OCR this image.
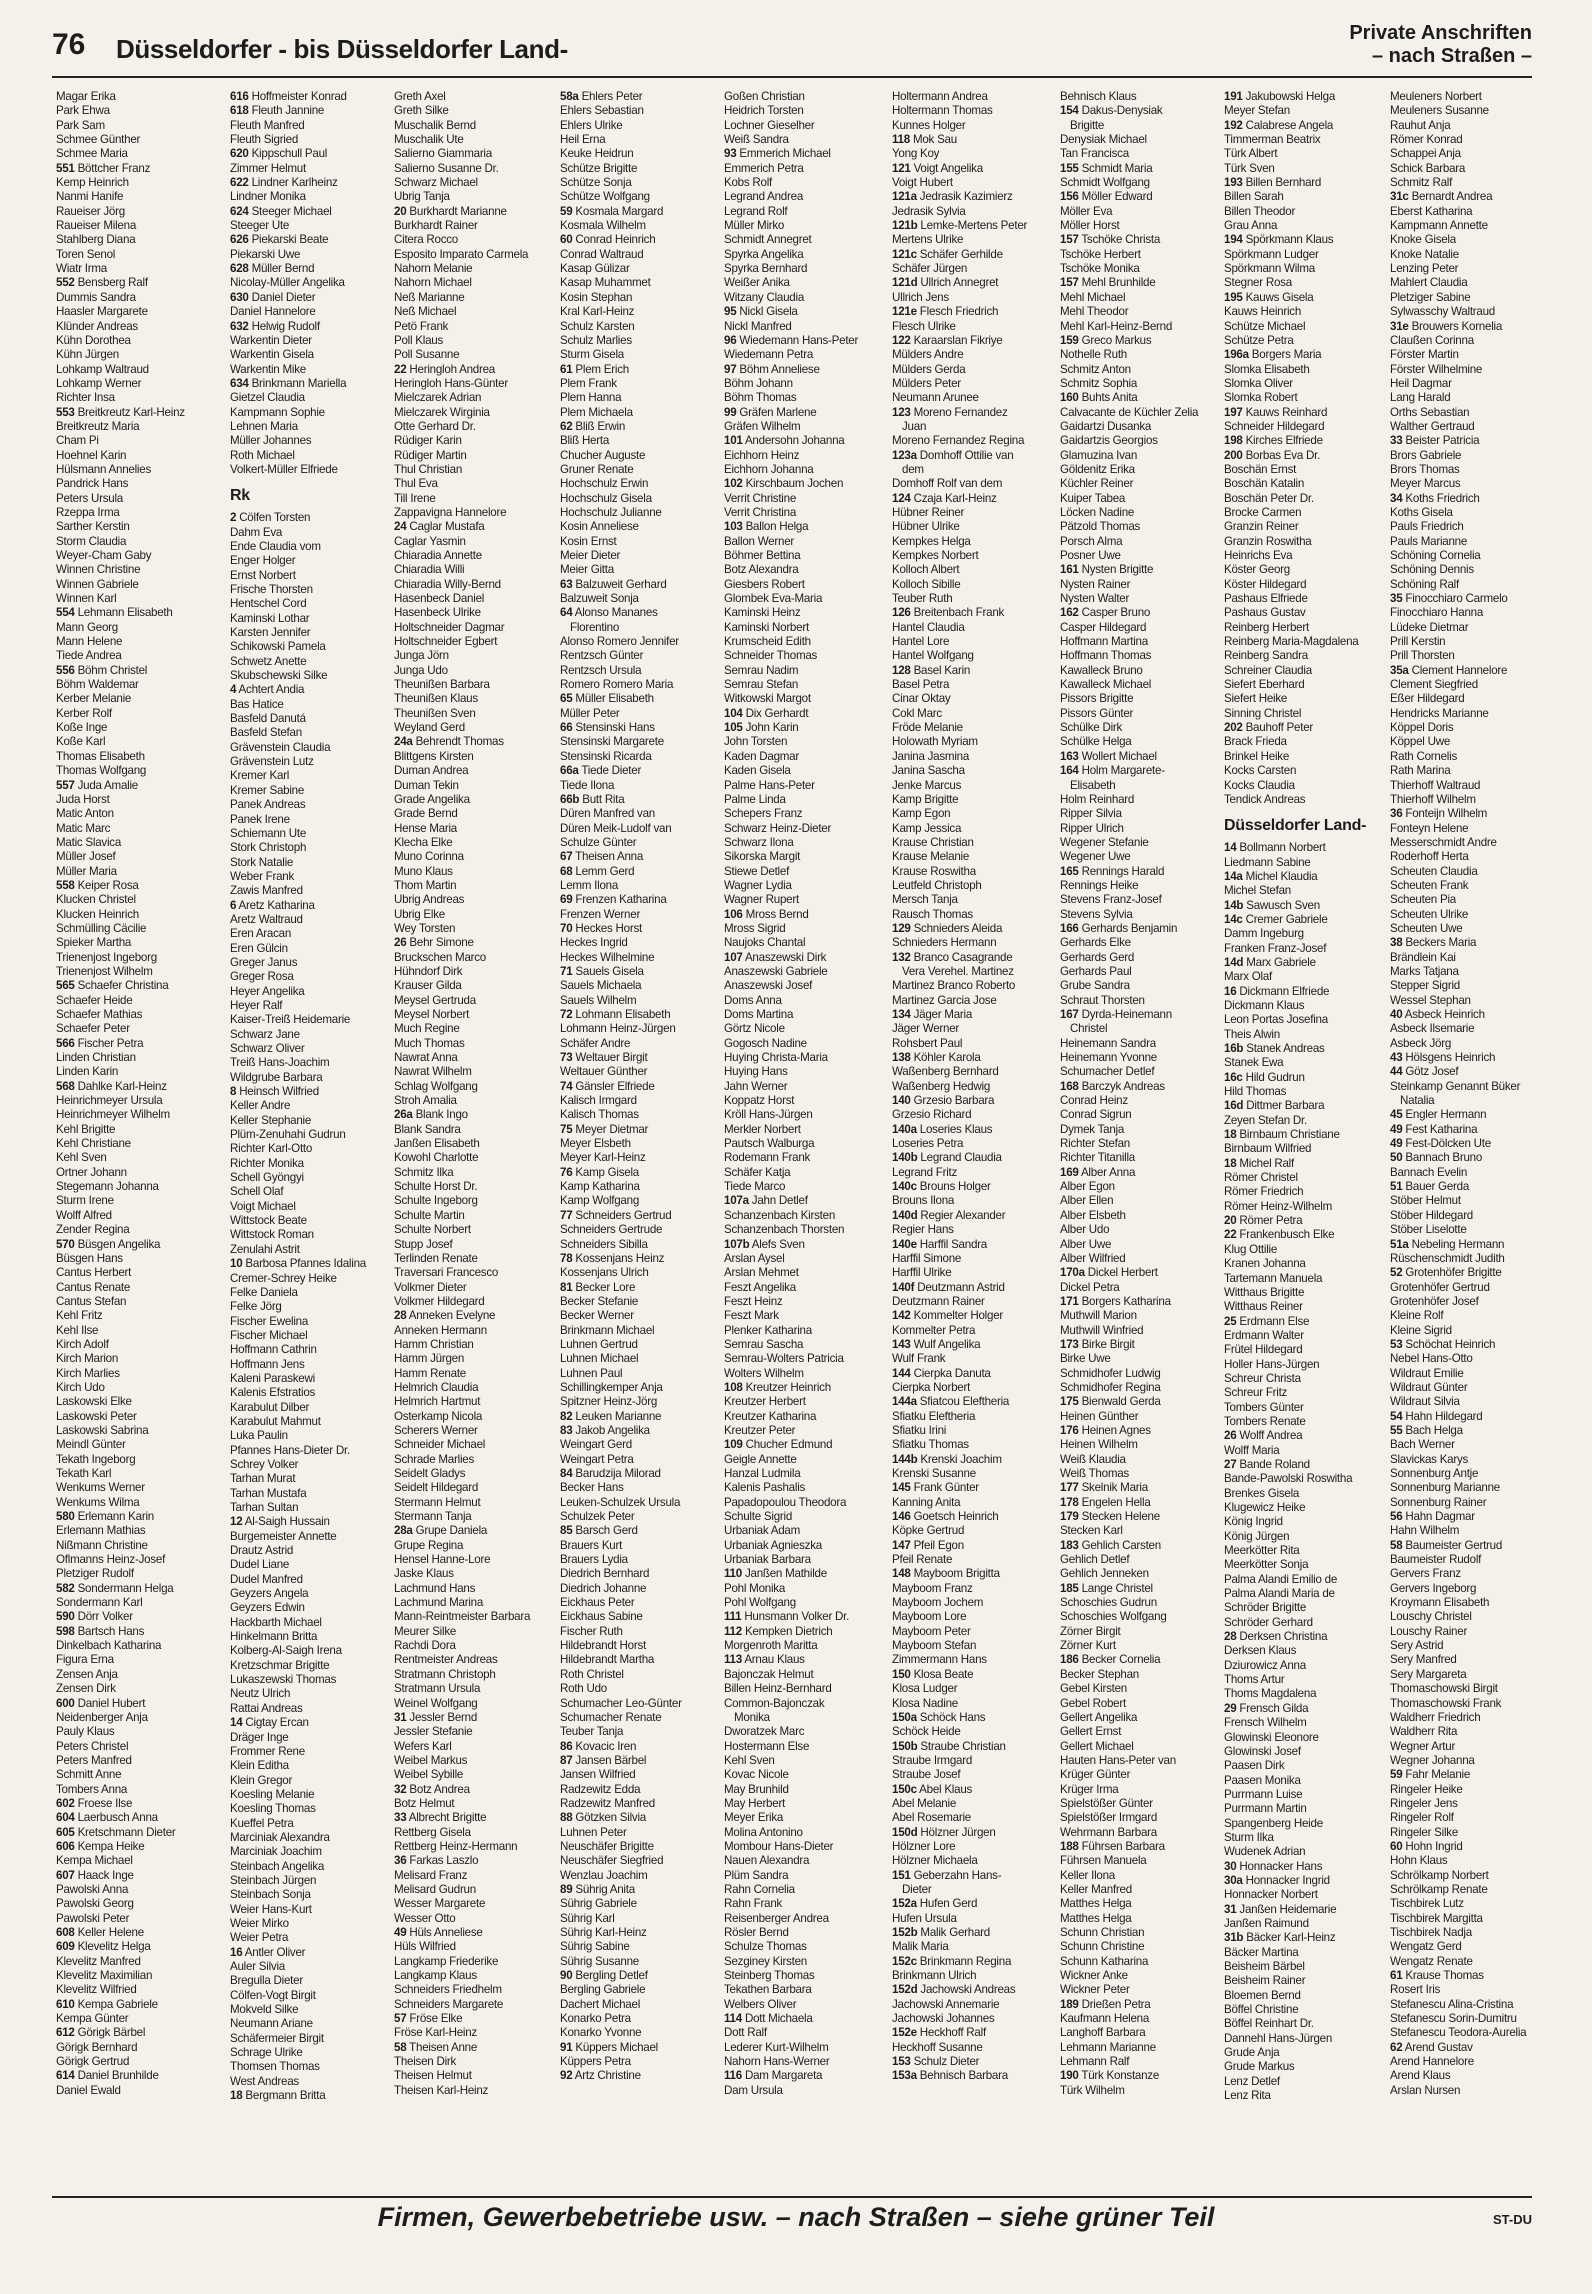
76 Düsseldorfer - bis Düsseldorfer Land-
Private Anschriften
– nach Straßen –
Magar Erika
Park Ehwa
Park Sam
Schmee Günther
Schmee Maria
551 Böttcher Franz
Kemp Heinrich
Nanmi Hanife
Raueiser Jörg
Raueiser Milena
Stahlberg Diana
Toren Senol
Wiatr Irma
552 Bensberg Ralf
Dummis Sandra
Haasler Margarete
Klünder Andreas
Kühn Dorothea
Kühn Jürgen
Lohkamp Waltraud
Lohkamp Werner
Richter Insa
553 Breitkreutz Karl-Heinz
Breitkreutz Maria
Cham Pi
Hoehnel Karin
Hülsmann Annelies
Pandrick Hans
Peters Ursula
Rzeppa Irma
Sarther Kerstin
Storm Claudia
Weyer-Cham Gaby
Winnen Christine
Winnen Gabriele
Winnen Karl
554 Lehmann Elisabeth
Mann Georg
Mann Helene
Tiede Andrea
556 Böhm Christel
Böhm Waldemar
Kerber Melanie
Kerber Rolf
Koße Inge
Koße Karl
Thomas Elisabeth
Thomas Wolfgang
557 Juda Amalie
Juda Horst
Matic Anton
Matic Marc
Matic Slavica
Müller Josef
Müller Maria
558 Keiper Rosa
Klucken Christel
Klucken Heinrich
Schmülling Cäcilie
Spieker Martha
Trienenjost Ingeborg
Trienenjost Wilhelm
565 Schaefer Christina
Schaefer Heide
Schaefer Mathias
Schaefer Peter
566 Fischer Petra
Linden Christian
Linden Karin
568 Dahlke Karl-Heinz
Heinrichmeyer Ursula
Heinrichmeyer Wilhelm
Kehl Brigitte
Kehl Christiane
Kehl Sven
Ortner Johann
Stegemann Johanna
Sturm Irene
Wolff Alfred
Zender Regina
570 Büsgen Angelika
Büsgen Hans
Cantus Herbert
Cantus Renate
Cantus Stefan
Kehl Fritz
Kehl Ilse
Kirch Adolf
Kirch Marion
Kirch Marlies
Kirch Udo
Laskowski Elke
Laskowski Peter
Laskowski Sabrina
Meindl Günter
Tekath Ingeborg
Tekath Karl
Wenkums Werner
Wenkums Wilma
580 Erlemann Karin
Erlemann Mathias
Nißmann Christine
Oflmanns Heinz-Josef
Pletziger Rudolf
582 Sondermann Helga
Sondermann Karl
590 Dörr Volker
598 Bartsch Hans
Dinkelbach Katharina
Figura Erna
Zensen Anja
Zensen Dirk
600 Daniel Hubert
Neidenberger Anja
Pauly Klaus
Peters Christel
Peters Manfred
Schmitt Anne
Tombers Anna
602 Froese Ilse
604 Laerbusch Anna
605 Kretschmann Dieter
606 Kempa Heike
Kempa Michael
607 Haack Inge
Pawolski Anna
Pawolski Georg
Pawolski Peter
608 Keller Helene
609 Klevelitz Helga
Klevelitz Manfred
Klevelitz Maximilian
Klevelitz Wilfried
610 Kempa Gabriele
Kempa Günter
612 Görigk Bärbel
Görigk Bernhard
Görigk Gertrud
614 Daniel Brunhilde
Daniel Ewald
616 Hoffmeister Konrad
618 Fleuth Jannine
Fleuth Manfred
Fleuth Sigried
620 Kippschull Paul
Zimmer Helmut
622 Lindner Karlheinz
Lindner Monika
624 Steeger Michael
Steeger Ute
626 Piekarski Beate
Piekarski Uwe
628 Müller Bernd
Nicolay-Müller Angelika
630 Daniel Dieter
Daniel Hannelore
632 Helwig Rudolf
Warkentin Dieter
Warkentin Gisela
Warkentin Mike
634 Brinkmann Mariella
Gietzel Claudia
Kampmann Sophie
Lehnen Maria
Müller Johannes
Roth Michael
Volkert-Müller Elfriede
Rk
2 Cölfen Torsten
Dahm Eva
Ende Claudia vom
Enger Holger
Ernst Norbert
Frische Thorsten
Hentschel Cord
Kaminski Lothar
Karsten Jennifer
Schikowski Pamela
Schwetz Anette
Skubschewski Silke
4 Achtert Andia
Bas Hatice
Basfeld Danutá
Basfeld Stefan
Grävenstein Claudia
Grävenstein Lutz
Kremer Karl
Kremer Sabine
Panek Andreas
Panek Irene
Schiemann Ute
Stork Christoph
Stork Natalie
Weber Frank
Zawis Manfred
6 Aretz Katharina
Aretz Waltraud
Eren Aracan
Eren Gülcin
Greger Janus
Greger Rosa
Heyer Angelika
Heyer Ralf
Kaiser-Treiß Heidemarie
Schwarz Jane
Schwarz Oliver
Treiß Hans-Joachim
Wildgrube Barbara
8 Heinsch Wilfried
Keller Andre
Keller Stephanie
Plüm-Zenuhahi Gudrun
Richter Karl-Otto
Richter Monika
Schell Gyöngyi
Schell Olaf
Voigt Michael
Wittstock Beate
Wittstock Roman
Zenulahi Astrit
10 Barbosa Pfannes Idalina
Cremer-Schrey Heike
Felke Daniela
Felke Jörg
Fischer Ewelina
Fischer Michael
Hoffmann Cathrin
Hoffmann Jens
Kaleni Paraskewi
Kalenis Efstratios
Karabulut Dilber
Karabulut Mahmut
Luka Paulin
Pfannes Hans-Dieter Dr.
Schrey Volker
Tarhan Murat
Tarhan Mustafa
Tarhan Sultan
12 Al-Saigh Hussain
Burgemeister Annette
Drautz Astrid
Dudel Liane
Dudel Manfred
Geyzers Angela
Geyzers Edwin
Hackbarth Michael
Hinkelmann Britta
Kolberg-Al-Saigh Irena
Kretzschmar Brigitte
Lukaszewski Thomas
Neutz Ulrich
Rattai Andreas
14 Cigtay Ercan
Dräger Inge
Frommer Rene
Klein Editha
Klein Gregor
Koesling Melanie
Koesling Thomas
Kueffel Petra
Marciniak Alexandra
Marciniak Joachim
Steinbach Angelika
Steinbach Jürgen
Steinbach Sonja
Weier Hans-Kurt
Weier Mirko
Weier Petra
16 Antler Oliver
Auler Silvia
Bregulla Dieter
Cölfen-Vogt Birgit
Mokveld Silke
Neumann Ariane
Schäfermeier Birgit
Schrage Ulrike
Thomsen Thomas
West Andreas
18 Bergmann Britta
Greth Axel
Greth Silke
Muschalik Bernd
Muschalik Ute
Salierno Giammaria
Salierno Susanne Dr.
Schwarz Michael
Ubrig Tanja
20 Burkhardt Marianne
Burkhardt Rainer
Citera Rocco
Esposito Imparato Carmela
Nahorn Melanie
Nahorn Michael
Neß Marianne
Neß Michael
Petö Frank
Poll Klaus
Poll Susanne
22 Heringloh Andrea
Heringloh Hans-Günter
Mielczarek Adrian
Mielczarek Wirginia
Otte Gerhard Dr.
Rüdiger Karin
Rüdiger Martin
Thul Christian
Thul Eva
Till Irene
Zappavigna Hannelore
24 Caglar Mustafa
Caglar Yasmin
Chiaradia Annette
Chiaradia Willi
Chiaradia Willy-Bernd
Hasenbeck Daniel
Hasenbeck Ulrike
Holtschneider Dagmar
Holtschneider Egbert
Junga Jörn
Junga Udo
Theunißen Barbara
Theunißen Klaus
Theunißen Sven
Weyland Gerd
24a Behrendt Thomas
Blittgens Kirsten
Duman Andrea
Duman Tekin
Grade Angelika
Grade Bernd
Hense Maria
Klecha Elke
Muno Corinna
Muno Klaus
Thom Martin
Ubrig Andreas
Ubrig Elke
Wey Torsten
26 Behr Simone
Bruckschen Marco
Hühndorf Dirk
Krauser Gilda
Meysel Gertruda
Meysel Norbert
Much Regine
Much Thomas
Nawrat Anna
Nawrat Wilhelm
Schlag Wolfgang
Stroh Amalia
26a Blank Ingo
Blank Sandra
Janßen Elisabeth
Kowohl Charlotte
Schmitz Ilka
Schulte Horst Dr.
Schulte Ingeborg
Schulte Martin
Schulte Norbert
Stupp Josef
Terlinden Renate
Traversari Francesco
Volkmer Dieter
Volkmer Hildegard
28 Anneken Evelyne
Anneken Hermann
Hamm Christian
Hamm Jürgen
Hamm Renate
Helmrich Claudia
Helmrich Hartmut
Osterkamp Nicola
Scherers Werner
Schneider Michael
Schrade Marlies
Seidelt Gladys
Seidelt Hildegard
Stermann Helmut
Stermann Tanja
28a Grupe Daniela
Grupe Regina
Hensel Hanne-Lore
Jaske Klaus
Lachmund Hans
Lachmund Marina
Mann-Reintmeister Barbara
Meurer Silke
Rachdi Dora
Rentmeister Andreas
Stratmann Christoph
Stratmann Ursula
Weinel Wolfgang
31 Jessler Bernd
Jessler Stefanie
Wefers Karl
Weibel Markus
Weibel Sybille
32 Botz Andrea
Botz Helmut
33 Albrecht Brigitte
Rettberg Gisela
Rettberg Heinz-Hermann
36 Farkas Laszlo
Melisard Franz
Melisard Gudrun
Wesser Margarete
Wesser Otto
49 Hüls Anneliese
Hüls Wilfried
Langkamp Friederike
Langkamp Klaus
Schneiders Friedhelm
Schneiders Margarete
57 Fröse Elke
Fröse Karl-Heinz
58 Theisen Anne
Theisen Dirk
Theisen Helmut
Theisen Karl-Heinz
58a Ehlers Peter
Ehlers Sebastian
Ehlers Ulrike
Heil Erna
Keuke Heidrun
Schütze Brigitte
Schütze Sonja
Schütze Wolfgang
59 Kosmala Margard
Kosmala Wilhelm
60 Conrad Heinrich
Conrad Waltraud
Kasap Gülizar
Kasap Muhammet
Kosin Stephan
Kral Karl-Heinz
Schulz Karsten
Schulz Marlies
Sturm Gisela
61 Plem Erich
Plem Frank
Plem Hanna
Plem Michaela
62 Bliß Erwin
Bliß Herta
Chucher Auguste
Gruner Renate
Hochschulz Erwin
Hochschulz Gisela
Hochschulz Julianne
Kosin Anneliese
Kosin Ernst
Meier Dieter
Meier Gitta
63 Balzuweit Gerhard
Balzuweit Sonja
64 Alonso Mananes
Florentino
Alonso Romero Jennifer
Rentzsch Günter
Rentzsch Ursula
Romero Romero Maria
65 Müller Elisabeth
Müller Peter
66 Stensinski Hans
Stensinski Margarete
Stensinski Ricarda
66a Tiede Dieter
Tiede Ilona
66b Butt Rita
Düren Manfred van
Düren Meik-Ludolf van
Schulze Günter
67 Theisen Anna
68 Lemm Gerd
Lemm Ilona
69 Frenzen Katharina
Frenzen Werner
70 Heckes Horst
Heckes Ingrid
Heckes Wilhelmine
71 Sauels Gisela
Sauels Michaela
Sauels Wilhelm
72 Lohmann Elisabeth
Lohmann Heinz-Jürgen
Schäfer Andre
73 Weltauer Birgit
Weltauer Günther
74 Gänsler Elfriede
Kalisch Irmgard
Kalisch Thomas
75 Meyer Dietmar
Meyer Elsbeth
Meyer Karl-Heinz
76 Kamp Gisela
Kamp Katharina
Kamp Wolfgang
77 Schneiders Gertrud
Schneiders Gertrude
Schneiders Sibilla
78 Kossenjans Heinz
Kossenjans Ulrich
81 Becker Lore
Becker Stefanie
Becker Werner
Brinkmann Michael
Luhnen Gertrud
Luhnen Michael
Luhnen Paul
Schillingkemper Anja
Spitzner Heinz-Jörg
82 Leuken Marianne
83 Jakob Angelika
Weingart Gerd
Weingart Petra
84 Barudzija Milorad
Becker Hans
Leuken-Schulzek Ursula
Schulzek Peter
85 Barsch Gerd
Brauers Kurt
Brauers Lydia
Diedrich Bernhard
Diedrich Johanne
Eickhaus Peter
Eickhaus Sabine
Fischer Ruth
Hildebrandt Horst
Hildebrandt Martha
Roth Christel
Roth Udo
Schumacher Leo-Günter
Schumacher Renate
Teuber Tanja
86 Kovacic Iren
87 Jansen Bärbel
Jansen Wilfried
Radzewitz Edda
Radzewitz Manfred
88 Götzken Silvia
Luhnen Peter
Neuschäfer Brigitte
Neuschäfer Siegfried
Wenzlau Joachim
89 Sührig Anita
Sührig Gabriele
Sührig Karl
Sührig Karl-Heinz
Sührig Sabine
Sührig Susanne
90 Bergling Detlef
Bergling Gabriele
Dachert Michael
Konarko Petra
Konarko Yvonne
91 Küppers Michael
Küppers Petra
92 Artz Christine
Goßen Christian
Heidrich Torsten
Lochner Gieselher
Weiß Sandra
93 Emmerich Michael
Emmerich Petra
Kobs Rolf
Legrand Andrea
Legrand Rolf
Müller Mirko
Schmidt Annegret
Spyrka Angelika
Spyrka Bernhard
Weißer Anika
Witzany Claudia
95 Nickl Gisela
Nickl Manfred
96 Wiedemann Hans-Peter
Wiedemann Petra
97 Böhm Anneliese
Böhm Johann
Böhm Thomas
99 Gräfen Marlene
Gräfen Wilhelm
101 Andersohn Johanna
Eichhorn Heinz
Eichhorn Johanna
102 Kirschbaum Jochen
Verrit Christine
Verrit Christina
103 Ballon Helga
Ballon Werner
Böhmer Bettina
Botz Alexandra
Giesbers Robert
Glombek Eva-Maria
Kaminski Heinz
Kaminski Norbert
Krumscheid Edith
Schneider Thomas
Semrau Nadim
Semrau Stefan
Witkowski Margot
104 Dix Gerhardt
105 John Karin
John Torsten
Kaden Dagmar
Kaden Gisela
Palme Hans-Peter
Palme Linda
Schepers Franz
Schwarz Heinz-Dieter
Schwarz Ilona
Sikorska Margit
Stiewe Detlef
Wagner Lydia
Wagner Rupert
106 Mross Bernd
Mross Sigrid
Naujoks Chantal
107 Anaszewski Dirk
Anaszewski Gabriele
Anaszewski Josef
Doms Anna
Doms Martina
Görtz Nicole
Gogosch Nadine
Huying Christa-Maria
Huying Hans
Jahn Werner
Koppatz Horst
Kröll Hans-Jürgen
Merkler Norbert
Pautsch Walburga
Rodemann Frank
Schäfer Katja
Tiede Marco
107a Jahn Detlef
Schanzenbach Kirsten
Schanzenbach Thorsten
107b Alefs Sven
Arslan Aysel
Arslan Mehmet
Feszt Angelika
Feszt Heinz
Feszt Mark
Plenker Katharina
Semrau Sascha
Semrau-Wolters Patricia
Wolters Wilhelm
108 Kreutzer Heinrich
Kreutzer Herbert
Kreutzer Katharina
Kreutzer Peter
109 Chucher Edmund
Geigle Annette
Hanzal Ludmila
Kalenis Pashalis
Papadopoulou Theodora
Schulte Sigrid
Urbaniak Adam
Urbaniak Agnieszka
Urbaniak Barbara
110 Janßen Mathilde
Pohl Monika
Pohl Wolfgang
111 Hunsmann Volker Dr.
112 Kempken Dietrich
Morgenroth Maritta
113 Arnau Klaus
Bajonczak Helmut
Billen Heinz-Bernhard
Common-Bajonczak
Monika
Dworatzek Marc
Hostermann Else
Kehl Sven
Kovac Nicole
May Brunhild
May Herbert
Meyer Erika
Molina Antonino
Mombour Hans-Dieter
Nauen Alexandra
Plüm Sandra
Rahn Cornelia
Rahn Frank
Reisenberger Andrea
Rösler Bernd
Schulze Thomas
Sezginey Kirsten
Steinberg Thomas
Tekathen Barbara
Welbers Oliver
114 Dott Michaela
Dott Ralf
Lederer Kurt-Wilhelm
Nahorn Hans-Werner
116 Dam Margareta
Dam Ursula
Holtermann Andrea
Holtermann Thomas
Kunnes Holger
118 Mok Sau
Yong Koy
121 Voigt Angelika
Voigt Hubert
121a Jedrasik Kazimierz
Jedrasik Sylvia
121b Lemke-Mertens Peter
Mertens Ulrike
121c Schäfer Gerhilde
Schäfer Jürgen
121d Ullrich Annegret
Ullrich Jens
121e Flesch Friedrich
Flesch Ulrike
122 Karaarslan Fikriye
Mülders Andre
Mülders Gerda
Mülders Peter
Neumann Arunee
123 Moreno Fernandez
Juan
Moreno Fernandez Regina
123a Domhoff Ottilie van
dem
Domhoff Rolf van dem
124 Czaja Karl-Heinz
Hübner Reiner
Hübner Ulrike
Kempkes Helga
Kempkes Norbert
Kolloch Albert
Kolloch Sibille
Teuber Ruth
126 Breitenbach Frank
Hantel Claudia
Hantel Lore
Hantel Wolfgang
128 Basel Karin
Basel Petra
Cinar Oktay
Cokl Marc
Fröde Melanie
Holowath Myriam
Janina Jasmina
Janina Sascha
Jenke Marcus
Kamp Brigitte
Kamp Egon
Kamp Jessica
Krause Christian
Krause Melanie
Krause Roswitha
Leutfeld Christoph
Mersch Tanja
Rausch Thomas
129 Schnieders Aleida
Schnieders Hermann
132 Branco Casagrande
Vera Verehel. Martinez
Martinez Branco Roberto
Martinez Garcia Jose
134 Jäger Maria
Jäger Werner
Rohsbert Paul
138 Köhler Karola
Waßenberg Bernhard
Waßenberg Hedwig
140 Grzesio Barbara
Grzesio Richard
140a Loseries Klaus
Loseries Petra
140b Legrand Claudia
Legrand Fritz
140c Brouns Holger
Brouns Ilona
140d Regier Alexander
Regier Hans
140e Harffil Sandra
Harffil Simone
Harffil Ulrike
140f Deutzmann Astrid
Deutzmann Rainer
142 Kommelter Holger
Kommelter Petra
143 Wulf Angelika
Wulf Frank
144 Cierpka Danuta
Cierpka Norbert
144a Sfiatcou Eleftheria
Sfiatku Eleftheria
Sfiatku Irini
Sfiatku Thomas
144b Krenski Joachim
Krenski Susanne
145 Frank Günter
Kanning Anita
146 Goetsch Heinrich
Köpke Gertrud
147 Pfeil Egon
Pfeil Renate
148 Mayboom Brigitta
Mayboom Franz
Mayboom Jochem
Mayboom Lore
Mayboom Peter
Mayboom Stefan
Zimmermann Hans
150 Klosa Beate
Klosa Ludger
Klosa Nadine
150a Schöck Hans
Schöck Heide
150b Straube Christian
Straube Irmgard
Straube Josef
150c Abel Klaus
Abel Melanie
Abel Rosemarie
150d Hölzner Jürgen
Hölzner Lore
Hölzner Michaela
151 Geberzahn Hans-
Dieter
152a Hufen Gerd
Hufen Ursula
152b Malik Gerhard
Malik Maria
152c Brinkmann Regina
Brinkmann Ulrich
152d Jachowski Andreas
Jachowski Annemarie
Jachowski Johannes
152e Heckhoff Ralf
Heckhoff Susanne
153 Schulz Dieter
153a Behnisch Barbara
Behnisch Klaus
154 Dakus-Denysiak
Brigitte
Denysiak Michael
Tan Francisca
155 Schmidt Maria
Schmidt Wolfgang
156 Möller Edward
Möller Eva
Möller Horst
157 Tschöke Christa
Tschöke Herbert
Tschöke Monika
157 Mehl Brunhilde
Mehl Michael
Mehl Theodor
Mehl Karl-Heinz-Bernd
159 Greco Markus
Nothelle Ruth
Schmitz Anton
Schmitz Sophia
160 Buhts Anita
Calvacante de Küchler Zelia
Gaidartzi Dusanka
Gaidartzis Georgios
Glamuzina Ivan
Göldenitz Erika
Küchler Reiner
Kuiper Tabea
Löcken Nadine
Pätzold Thomas
Porsch Alma
Posner Uwe
161 Nysten Brigitte
Nysten Rainer
Nysten Walter
162 Casper Bruno
Casper Hildegard
Hoffmann Martina
Hoffmann Thomas
Kawalleck Bruno
Kawalleck Michael
Pissors Brigitte
Pissors Günter
Schülke Dirk
Schülke Helga
163 Wollert Michael
164 Holm Margarete-
Elisabeth
Holm Reinhard
Ripper Silvia
Ripper Ulrich
Wegener Stefanie
Wegener Uwe
165 Rennings Harald
Rennings Heike
Stevens Franz-Josef
Stevens Sylvia
166 Gerhards Benjamin
Gerhards Elke
Gerhards Gerd
Gerhards Paul
Grube Sandra
Schraut Thorsten
167 Dyrda-Heinemann
Christel
Heinemann Sandra
Heinemann Yvonne
Schumacher Detlef
168 Barczyk Andreas
Conrad Heinz
Conrad Sigrun
Dymek Tanja
Richter Stefan
Richter Titanilla
169 Alber Anna
Alber Egon
Alber Ellen
Alber Elsbeth
Alber Udo
Alber Uwe
Alber Wilfried
170a Dickel Herbert
Dickel Petra
171 Borgers Katharina
Muthwill Marion
Muthwill Winfried
173 Birke Birgit
Birke Uwe
Schmidhofer Ludwig
Schmidhofer Regina
175 Bienwald Gerda
Heinen Günther
176 Heinen Agnes
Heinen Wilhelm
Weiß Klaudia
Weiß Thomas
177 Skelnik Maria
178 Engelen Hella
179 Stecken Helene
Stecken Karl
183 Gehlich Carsten
Gehlich Detlef
Gehlich Jenneken
185 Lange Christel
Schoschies Gudrun
Schoschies Wolfgang
Zörner Birgit
Zörner Kurt
186 Becker Cornelia
Becker Stephan
Gebel Kirsten
Gebel Robert
Gellert Angelika
Gellert Ernst
Gellert Michael
Hauten Hans-Peter van
Krüger Günter
Krüger Irma
Spielstößer Günter
Spielstößer Irmgard
Wehrmann Barbara
188 Führsen Barbara
Führsen Manuela
Keller Ilona
Keller Manfred
Matthes Helga
Matthes Helga
Schunn Christian
Schunn Christine
Schunn Katharina
Wickner Anke
Wickner Peter
189 Drießen Petra
Kaufmann Helena
Langhoff Barbara
Lehmann Marianne
Lehmann Ralf
190 Türk Konstanze
Türk Wilhelm
191 Jakubowski Helga
Meyer Stefan
192 Calabrese Angela
Timmerman Beatrix
Türk Albert
Türk Sven
193 Billen Bernhard
Billen Sarah
Billen Theodor
Grau Anna
194 Spörkmann Klaus
Spörkmann Ludger
Spörkmann Wilma
Stegner Rosa
195 Kauws Gisela
Kauws Heinrich
Schütze Michael
Schütze Petra
196a Borgers Maria
Slomka Elisabeth
Slomka Oliver
Slomka Robert
197 Kauws Reinhard
Schneider Hildegard
198 Kirches Elfriede
200 Borbas Eva Dr.
Boschän Ernst
Boschän Katalin
Boschän Peter Dr.
Brocke Carmen
Granzin Reiner
Granzin Roswitha
Heinrichs Eva
Köster Georg
Köster Hildegard
Pashaus Elfriede
Pashaus Gustav
Reinberg Herbert
Reinberg Maria-Magdalena
Reinberg Sandra
Schreiner Claudia
Siefert Eberhard
Siefert Heike
Sinning Christel
202 Bauhoff Peter
Brack Frieda
Brinkel Heike
Kocks Carsten
Kocks Claudia
Tendick Andreas
Düsseldorfer Land-
14 Bollmann Norbert
Liedmann Sabine
14a Michel Klaudia
Michel Stefan
14b Sawusch Sven
14c Cremer Gabriele
Damm Ingeburg
Franken Franz-Josef
14d Marx Gabriele
Marx Olaf
16 Dickmann Elfriede
Dickmann Klaus
Leon Portas Josefina
Theis Alwin
16b Stanek Andreas
Stanek Ewa
16c Hild Gudrun
Hild Thomas
16d Dittmer Barbara
Zeyen Stefan Dr.
18 Birnbaum Christiane
Birnbaum Wilfried
18 Michel Ralf
Römer Christel
Römer Friedrich
Römer Heinz-Wilhelm
20 Römer Petra
22 Frankenbusch Elke
Klug Ottilie
Kranen Johanna
Tartemann Manuela
Witthaus Brigitte
Witthaus Reiner
25 Erdmann Else
Erdmann Walter
Frütel Hildegard
Holler Hans-Jürgen
Schreur Christa
Schreur Fritz
Tombers Günter
Tombers Renate
26 Wolff Andrea
Wolff Maria
27 Bande Roland
Bande-Pawolski Roswitha
Brenkes Gisela
Klugewicz Heike
König Ingrid
König Jürgen
Meerkötter Rita
Meerkötter Sonja
Palma Alandi Emilio de
Palma Alandi Maria de
Schröder Brigitte
Schröder Gerhard
28 Derksen Christina
Derksen Klaus
Dziurowicz Anna
Thoms Artur
Thoms Magdalena
29 Frensch Gilda
Frensch Wilhelm
Glowinski Eleonore
Glowinski Josef
Paasen Dirk
Paasen Monika
Purrmann Luise
Purrmann Martin
Spangenberg Heide
Sturm Ilka
Wudenek Adrian
30 Honnacker Hans
30a Honnacker Ingrid
Honnacker Norbert
31 Janßen Heidemarie
Janßen Raimund
31b Bäcker Karl-Heinz
Bäcker Martina
Beisheim Bärbel
Beisheim Rainer
Bloemen Bernd
Böffel Christine
Böffel Reinhart Dr.
Dannehl Hans-Jürgen
Grude Anja
Grude Markus
Lenz Detlef
Lenz Rita
Meuleners Norbert
Meuleners Susanne
Rauhut Anja
Römer Konrad
Schappei Anja
Schick Barbara
Schmitz Ralf
31c Bernardt Andrea
Eberst Katharina
Kampmann Annette
Knoke Gisela
Knoke Natalie
Lenzing Peter
Mahlert Claudia
Pletziger Sabine
Sylwasschy Waltraud
31e Brouwers Kornelia
Claußen Corinna
Förster Martin
Förster Wilhelmine
Heil Dagmar
Lang Harald
Orths Sebastian
Walther Gertraud
33 Beister Patricia
Brors Gabriele
Brors Thomas
Meyer Marcus
34 Koths Friedrich
Koths Gisela
Pauls Friedrich
Pauls Marianne
Schöning Cornelia
Schöning Dennis
Schöning Ralf
35 Finocchiaro Carmelo
Finocchiaro Hanna
Lüdeke Dietmar
Prill Kerstin
Prill Thorsten
35a Clement Hannelore
Clement Siegfried
Eßer Hildegard
Hendricks Marianne
Köppel Doris
Köppel Uwe
Rath Cornelis
Rath Marina
Thierhoff Waltraud
Thierhoff Wilhelm
36 Fonteijn Wilhelm
Fonteyn Helene
Messerschmidt Andre
Roderhoff Herta
Scheuten Claudia
Scheuten Frank
Scheuten Pia
Scheuten Ulrike
Scheuten Uwe
38 Beckers Maria
Brändlein Kai
Marks Tatjana
Stepper Sigrid
Wessel Stephan
40 Asbeck Heinrich
Asbeck Ilsemarie
Asbeck Jörg
43 Hölsgens Heinrich
44 Götz Josef
Steinkamp Genannt Büker
Natalia
45 Engler Hermann
49 Fest Katharina
49 Fest-Dölcken Ute
50 Bannach Bruno
Bannach Evelin
51 Bauer Gerda
Stöber Helmut
Stöber Hildegard
Stöber Liselotte
51a Nebeling Hermann
Rüschenschmidt Judith
52 Grotenhöfer Brigitte
Grotenhöfer Gertrud
Grotenhöfer Josef
Kleine Rolf
Kleine Sigrid
53 Schöchat Heinrich
Nebel Hans-Otto
Wildraut Emilie
Wildraut Günter
Wildraut Silvia
54 Hahn Hildegard
55 Bach Helga
Bach Werner
Slavickas Karys
Sonnenburg Antje
Sonnenburg Marianne
Sonnenburg Rainer
56 Hahn Dagmar
Hahn Wilhelm
58 Baumeister Gertrud
Baumeister Rudolf
Gervers Franz
Gervers Ingeborg
Kroymann Elisabeth
Louschy Christel
Louschy Rainer
Sery Astrid
Sery Manfred
Sery Margareta
Thomaschowski Birgit
Thomaschowski Frank
Waldherr Friedrich
Waldherr Rita
Wegner Artur
Wegner Johanna
59 Fahr Melanie
Ringeler Heike
Ringeler Jens
Ringeler Rolf
Ringeler Silke
60 Hohn Ingrid
Hohn Klaus
Schrölkamp Norbert
Schrölkamp Renate
Tischbirek Lutz
Tischbirek Margitta
Tischbirek Nadja
Wengatz Gerd
Wengatz Renate
61 Krause Thomas
Rosert Iris
Stefanescu Alina-Cristina
Stefanescu Sorin-Dumitru
Stefanescu Teodora-Aurelia
62 Arend Gustav
Arend Hannelore
Arend Klaus
Arslan Nursen
Firmen, Gewerbebetriebe usw. – nach Straßen – siehe grüner Teil	ST-DU
